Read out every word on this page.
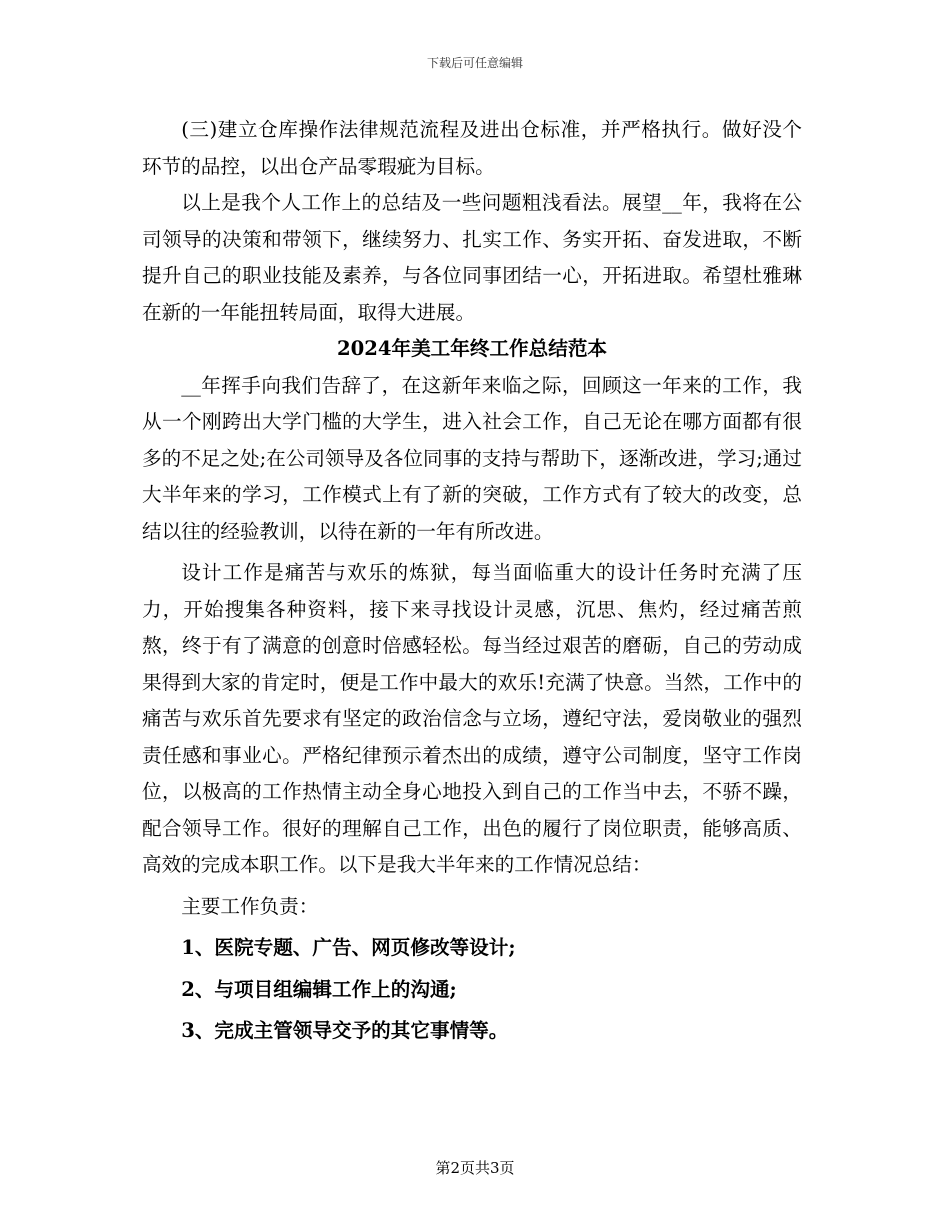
下载后可任意编辑

(三)建立仓库操作法律规范流程及进出仓标准，并严格执行。做好没个环节的品控，以出仓产品零瑕疵为目标。

以上是我个人工作上的总结及一些问题粗浅看法。展望__年，我将在公司领导的决策和带领下，继续努力、扎实工作、务实开拓、奋发进取，不断提升自己的职业技能及素养，与各位同事团结一心，开拓进取。希望杜雅琳在新的一年能扭转局面，取得大进展。

2024年美工年终工作总结范本

__年挥手向我们告辞了，在这新年来临之际，回顾这一年来的工作，我从一个刚跨出大学门槛的大学生，进入社会工作，自己无论在哪方面都有很多的不足之处;在公司领导及各位同事的支持与帮助下，逐渐改进，学习;通过大半年来的学习，工作模式上有了新的突破，工作方式有了较大的改变，总结以往的经验教训，以待在新的一年有所改进。

设计工作是痛苦与欢乐的炼狱，每当面临重大的设计任务时充满了压力，开始搜集各种资料，接下来寻找设计灵感，沉思、焦灼，经过痛苦煎熬，终于有了满意的创意时倍感轻松。每当经过艰苦的磨砺，自己的劳动成果得到大家的肯定时，便是工作中最大的欢乐!充满了快意。当然，工作中的痛苦与欢乐首先要求有坚定的政治信念与立场，遵纪守法，爱岗敬业的强烈责任感和事业心。严格纪律预示着杰出的成绩，遵守公司制度，坚守工作岗位，以极高的工作热情主动全身心地投入到自己的工作当中去，不骄不躁，配合领导工作。很好的理解自己工作，出色的履行了岗位职责，能够高质、高效的完成本职工作。以下是我大半年来的工作情况总结：

主要工作负责：

1、医院专题、广告、网页修改等设计;

2、与项目组编辑工作上的沟通;

3、完成主管领导交予的其它事情等。

第2页共3页
